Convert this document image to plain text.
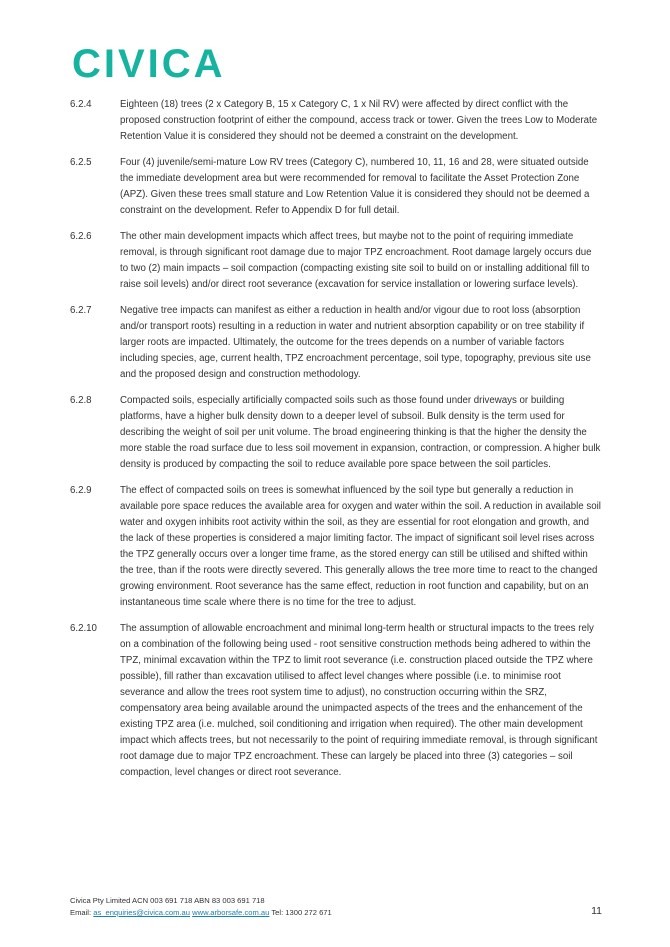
CIVICA
6.2.4	Eighteen (18) trees (2 x Category B, 15 x Category C, 1 x Nil RV) were affected by direct conflict with the proposed construction footprint of either the compound, access track or tower. Given the trees Low to Moderate Retention Value it is considered they should not be deemed a constraint on the development.
6.2.5	Four (4) juvenile/semi-mature Low RV trees (Category C), numbered 10, 11, 16 and 28, were situated outside the immediate development area but were recommended for removal to facilitate the Asset Protection Zone (APZ). Given these trees small stature and Low Retention Value it is considered they should not be deemed a constraint on the development. Refer to Appendix D for full detail.
6.2.6	The other main development impacts which affect trees, but maybe not to the point of requiring immediate removal, is through significant root damage due to major TPZ encroachment. Root damage largely occurs due to two (2) main impacts – soil compaction (compacting existing site soil to build on or installing additional fill to raise soil levels) and/or direct root severance (excavation for service installation or lowering surface levels).
6.2.7	Negative tree impacts can manifest as either a reduction in health and/or vigour due to root loss (absorption and/or transport roots) resulting in a reduction in water and nutrient absorption capability or on tree stability if larger roots are impacted. Ultimately, the outcome for the trees depends on a number of variable factors including species, age, current health, TPZ encroachment percentage, soil type, topography, previous site use and the proposed design and construction methodology.
6.2.8	Compacted soils, especially artificially compacted soils such as those found under driveways or building platforms, have a higher bulk density down to a deeper level of subsoil. Bulk density is the term used for describing the weight of soil per unit volume. The broad engineering thinking is that the higher the density the more stable the road surface due to less soil movement in expansion, contraction, or compression. A higher bulk density is produced by compacting the soil to reduce available pore space between the soil particles.
6.2.9	The effect of compacted soils on trees is somewhat influenced by the soil type but generally a reduction in available pore space reduces the available area for oxygen and water within the soil. A reduction in available soil water and oxygen inhibits root activity within the soil, as they are essential for root elongation and growth, and the lack of these properties is considered a major limiting factor. The impact of significant soil level rises across the TPZ generally occurs over a longer time frame, as the stored energy can still be utilised and shifted within the tree, than if the roots were directly severed. This generally allows the tree more time to react to the changed growing environment. Root severance has the same effect, reduction in root function and capability, but on an instantaneous time scale where there is no time for the tree to adjust.
6.2.10	The assumption of allowable encroachment and minimal long-term health or structural impacts to the trees rely on a combination of the following being used - root sensitive construction methods being adhered to within the TPZ, minimal excavation within the TPZ to limit root severance (i.e. construction placed outside the TPZ where possible), fill rather than excavation utilised to affect level changes where possible (i.e. to minimise root severance and allow the trees root system time to adjust), no construction occurring within the SRZ, compensatory area being available around the unimpacted aspects of the trees and the enhancement of the existing TPZ area (i.e. mulched, soil conditioning and irrigation when required). The other main development impact which affects trees, but not necessarily to the point of requiring immediate removal, is through significant root damage due to major TPZ encroachment. These can largely be placed into three (3) categories – soil compaction, level changes or direct root severance.
Civica Pty Limited ACN 003 691 718 ABN 83 003 691 718
Email: as_enquiries@civica.com.au www.arborsafe.com.au Tel: 1300 272 671	11
